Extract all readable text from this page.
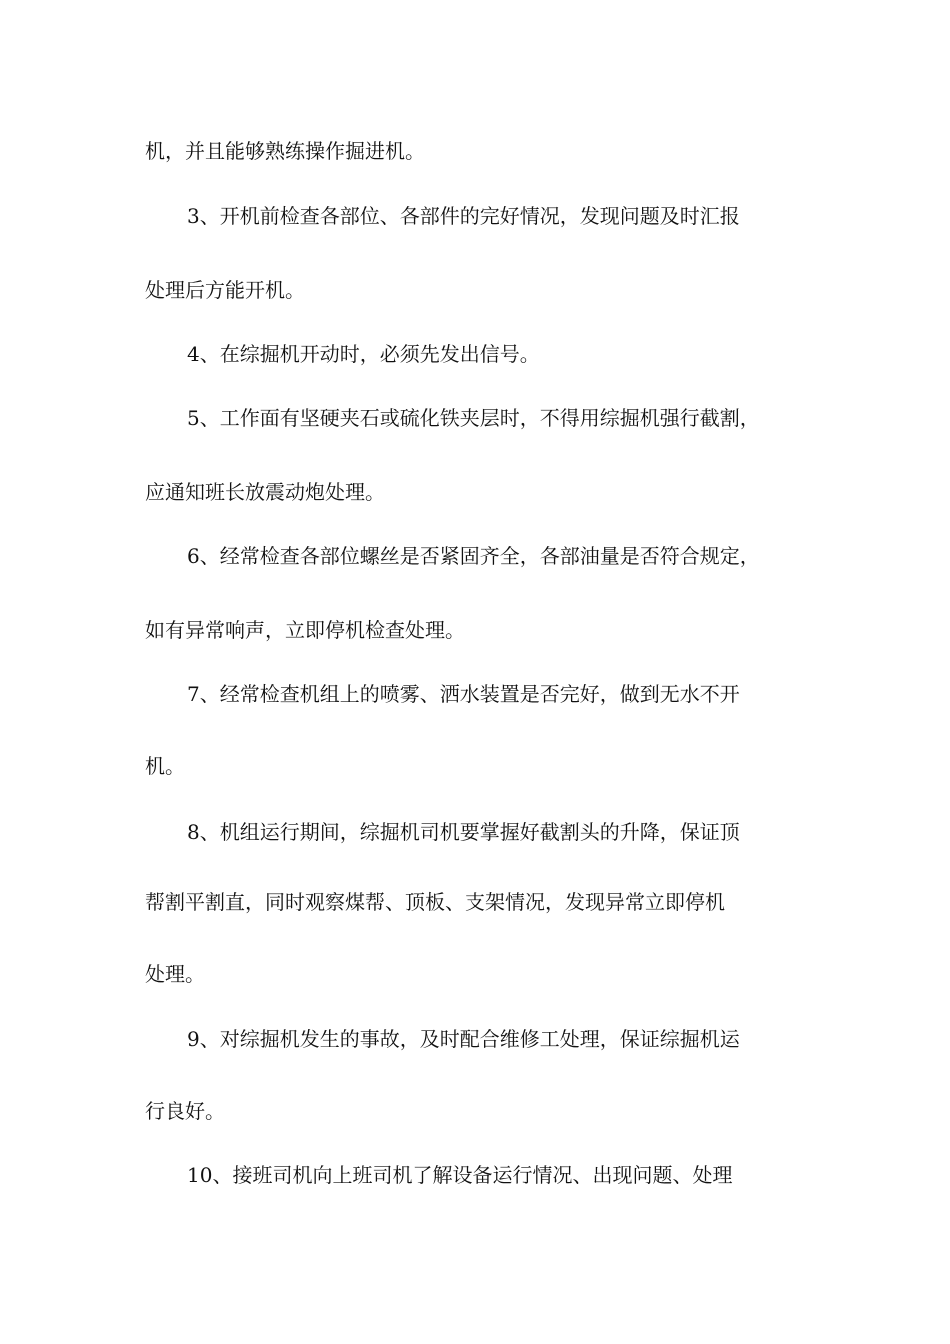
机，并且能够熟练操作掘进机。
3、开机前检查各部位、各部件的完好情况，发现问题及时汇报
处理后方能开机。
4、在综掘机开动时，必须先发出信号。
5、工作面有坚硬夹石或硫化铁夹层时，不得用综掘机强行截割，
应通知班长放震动炮处理。
6、经常检查各部位螺丝是否紧固齐全，各部油量是否符合规定，
如有异常响声，立即停机检查处理。
7、经常检查机组上的喷雾、洒水装置是否完好，做到无水不开
机。
8、机组运行期间，综掘机司机要掌握好截割头的升降，保证顶
帮割平割直，同时观察煤帮、顶板、支架情况，发现异常立即停机
处理。
9、对综掘机发生的事故，及时配合维修工处理，保证综掘机运
行良好。
10、接班司机向上班司机了解设备运行情况、出现问题、处理
